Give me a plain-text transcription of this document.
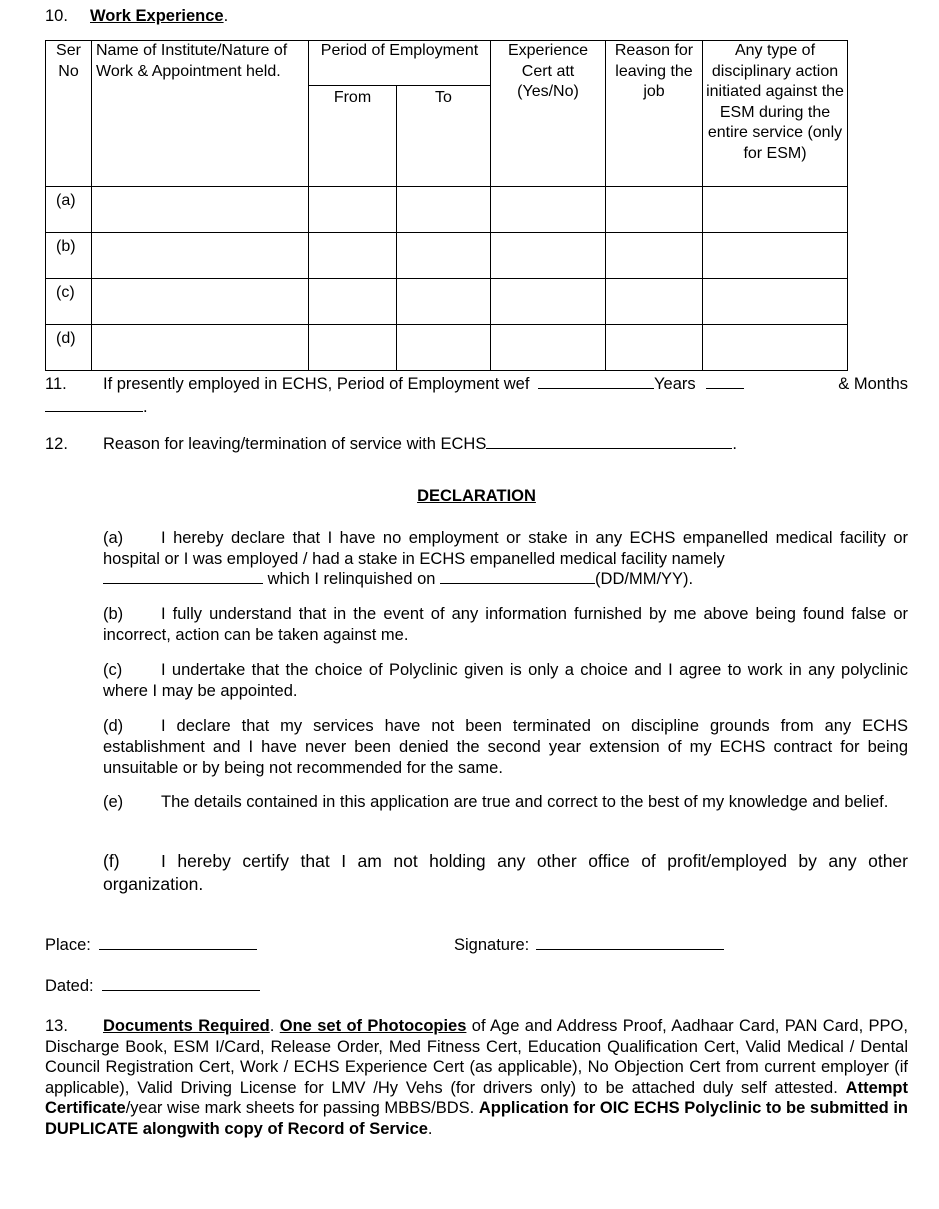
10. Work Experience.
Ser No	Name of Institute/Nature of Work & Appointment held.	Period of Employment		Experience Cert att (Yes/No)	Reason for leaving the job	Any type of disciplinary action initiated against the ESM during the entire service (only for ESM)
		From	To			
(a)						
(b)						
(c)						
(d)						
11. If presently employed in ECHS, Period of Employment wef	Years	& Months
.
12. Reason for leaving/termination of service with ECHS	.
DECLARATION
(a) I hereby declare that I have no employment or stake in any ECHS empanelled medical facility or hospital or I was employed / had a stake in ECHS empanelled medical facility namely
which I relinquished on	(DD/MM/YY).
(b) I fully understand that in the event of any information furnished by me above being found false or incorrect, action can be taken against me.
(c) I undertake that the choice of Polyclinic given is only a choice and I agree to work in any polyclinic where I may be appointed.
(d) I declare that my services have not been terminated on discipline grounds from any ECHS establishment and I have never been denied the second year extension of my ECHS contract for being unsuitable or by being not recommended for the same.
(e) The details contained in this application are true and correct to the best of my knowledge and belief.
(f) I hereby certify that I am not holding any other office of profit/employed by any other organization.
Place:	Signature:
Dated:
13. Documents Required. One set of Photocopies of Age and Address Proof, Aadhaar Card, PAN Card, PPO, Discharge Book, ESM I/Card, Release Order, Med Fitness Cert, Education Qualification Cert, Valid Medical / Dental Council Registration Cert, Work / ECHS Experience Cert (as applicable), No Objection Cert from current employer (if applicable), Valid Driving License for LMV /Hy Vehs (for drivers only) to be attached duly self attested. Attempt Certificate/year wise mark sheets for passing MBBS/BDS. Application for OIC ECHS Polyclinic to be submitted in DUPLICATE alongwith copy of Record of Service.
